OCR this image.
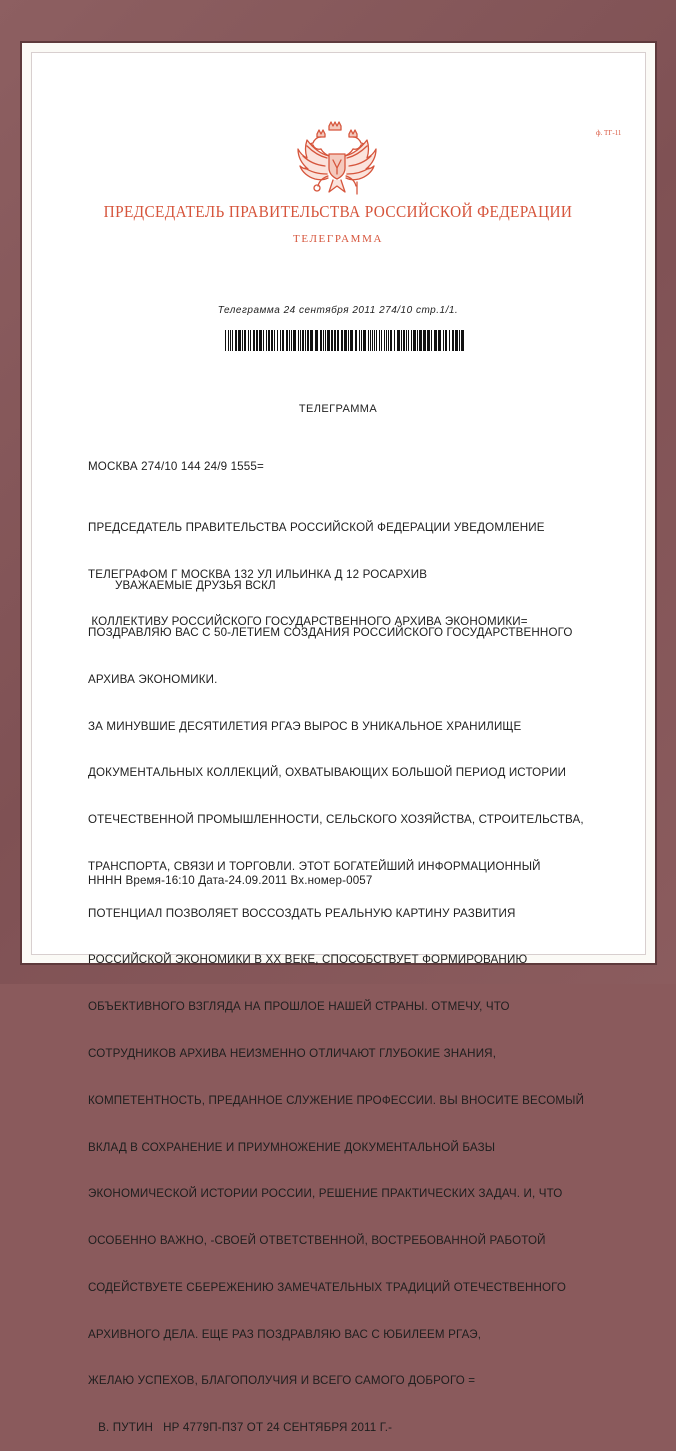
ф. ТГ-11
ПРЕДСЕДАТЕЛЬ ПРАВИТЕЛЬСТВА РОССИЙСКОЙ ФЕДЕРАЦИИ
ТЕЛЕГРАММА
Телеграмма 24 сентября 2011 274/10 стр.1/1.
ТЕЛЕГРАММА
МОСКВА 274/10 144 24/9 1555=

ПРЕДСЕДАТЕЛЬ ПРАВИТЕЛЬСТВА РОССИЙСКОЙ ФЕДЕРАЦИИ УВЕДОМЛЕНИЕ

ТЕЛЕГРАФОМ Г МОСКВА 132 УЛ ИЛЬИНКА Д 12 РОСАРХИВ

КОЛЛЕКТИВУ РОССИЙСКОГО ГОСУДАРСТВЕННОГО АРХИВА ЭКОНОМИКИ=

УВАЖАЕМЫЕ ДРУЗЬЯ ВСКЛ

ПОЗДРАВЛЯЮ ВАС С 50-ЛЕТИЕМ СОЗДАНИЯ РОССИЙСКОГО ГОСУДАРСТВЕННОГО

АРХИВА ЭКОНОМИКИ.

ЗА МИНУВШИЕ ДЕСЯТИЛЕТИЯ РГАЭ ВЫРОС В УНИКАЛЬНОЕ ХРАНИЛИЩЕ

ДОКУМЕНТАЛЬНЫХ КОЛЛЕКЦИЙ, ОХВАТЫВАЮЩИХ БОЛЬШОЙ ПЕРИОД ИСТОРИИ

ОТЕЧЕСТВЕННОЙ ПРОМЫШЛЕННОСТИ, СЕЛЬСКОГО ХОЗЯЙСТВА, СТРОИТЕЛЬСТВА,

ТРАНСПОРТА, СВЯЗИ И ТОРГОВЛИ. ЭТОТ БОГАТЕЙШИЙ ИНФОРМАЦИОННЫЙ

ПОТЕНЦИАЛ ПОЗВОЛЯЕТ ВОССОЗДАТЬ РЕАЛЬНУЮ КАРТИНУ РАЗВИТИЯ

РОССИЙСКОЙ ЭКОНОМИКИ В XX ВЕКЕ, СПОСОБСТВУЕТ ФОРМИРОВАНИЮ

ОБЪЕКТИВНОГО ВЗГЛЯДА НА ПРОШЛОЕ НАШЕЙ СТРАНЫ. ОТМЕЧУ, ЧТО

СОТРУДНИКОВ АРХИВА НЕИЗМЕННО ОТЛИЧАЮТ ГЛУБОКИЕ ЗНАНИЯ,

КОМПЕТЕНТНОСТЬ, ПРЕДАННОЕ СЛУЖЕНИЕ ПРОФЕССИИ. ВЫ ВНОСИТЕ ВЕСОМЫЙ

ВКЛАД В СОХРАНЕНИЕ И ПРИУМНОЖЕНИЕ ДОКУМЕНТАЛЬНОЙ БАЗЫ

ЭКОНОМИЧЕСКОЙ ИСТОРИИ РОССИИ, РЕШЕНИЕ ПРАКТИЧЕСКИХ ЗАДАЧ. И, ЧТО

ОСОБЕННО ВАЖНО, -СВОЕЙ ОТВЕТСТВЕННОЙ, ВОСТРЕБОВАННОЙ РАБОТОЙ

СОДЕЙСТВУЕТЕ СБЕРЕЖЕНИЮ ЗАМЕЧАТЕЛЬНЫХ ТРАДИЦИЙ ОТЕЧЕСТВЕННОГО

АРХИВНОГО ДЕЛА. ЕЩЕ РАЗ ПОЗДРАВЛЯЮ ВАС С ЮБИЛЕЕМ РГАЭ,

ЖЕЛАЮ УСПЕХОВ, БЛАГОПОЛУЧИЯ И ВСЕГО САМОГО ДОБРОГО =

В. ПУТИН   НР 4779П-П37 ОТ 24 СЕНТЯБРЯ 2011 Г.-

НННН Время-16:10 Дата-24.09.2011 Вх.номер-0057
